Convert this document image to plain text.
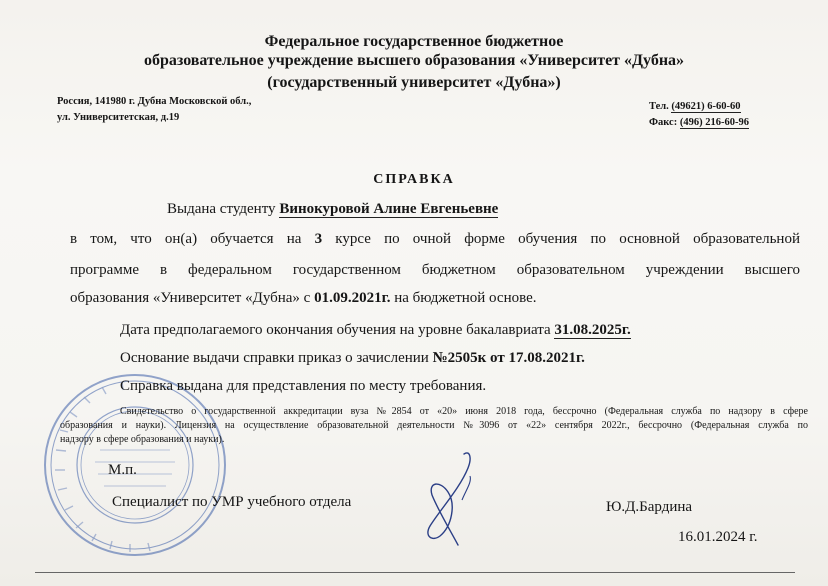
Федеральное государственное бюджетное
образовательное учреждение высшего образования «Университет «Дубна»
(государственный университет «Дубна»)
Россия, 141980 г. Дубна Московской обл.,
ул. Университетская, д.19
Тел. (49621) 6-60-60
Факс: (496) 216-60-96
СПРАВКА
Выдана студенту Винокуровой Алине Евгеньевне
в том, что он(а) обучается на 3 курсе по очной форме обучения по основной образовательной
программе в федеральном государственном бюджетном образовательном учреждении высшего
образования «Университет «Дубна» с 01.09.2021г. на бюджетной основе.
Дата предполагаемого окончания обучения на уровне бакалавриата 31.08.2025г.
Основание выдачи справки приказ о зачислении №2505к от 17.08.2021г.
Справка выдана для представления по месту требования.
Свидетельство о государственной аккредитации вуза №2854 от «20» июня 2018 года, бессрочно (Федеральная служба по надзору в сфере
образования и науки). Лицензия на осуществление образовательной деятельности №3096 от «22» сентября 2022г., бессрочно (Федеральная служба по
надзору в сфере образования и науки).
М.п.
Специалист по УМР учебного отдела	Ю.Д.Бардина
16.01.2024 г.
